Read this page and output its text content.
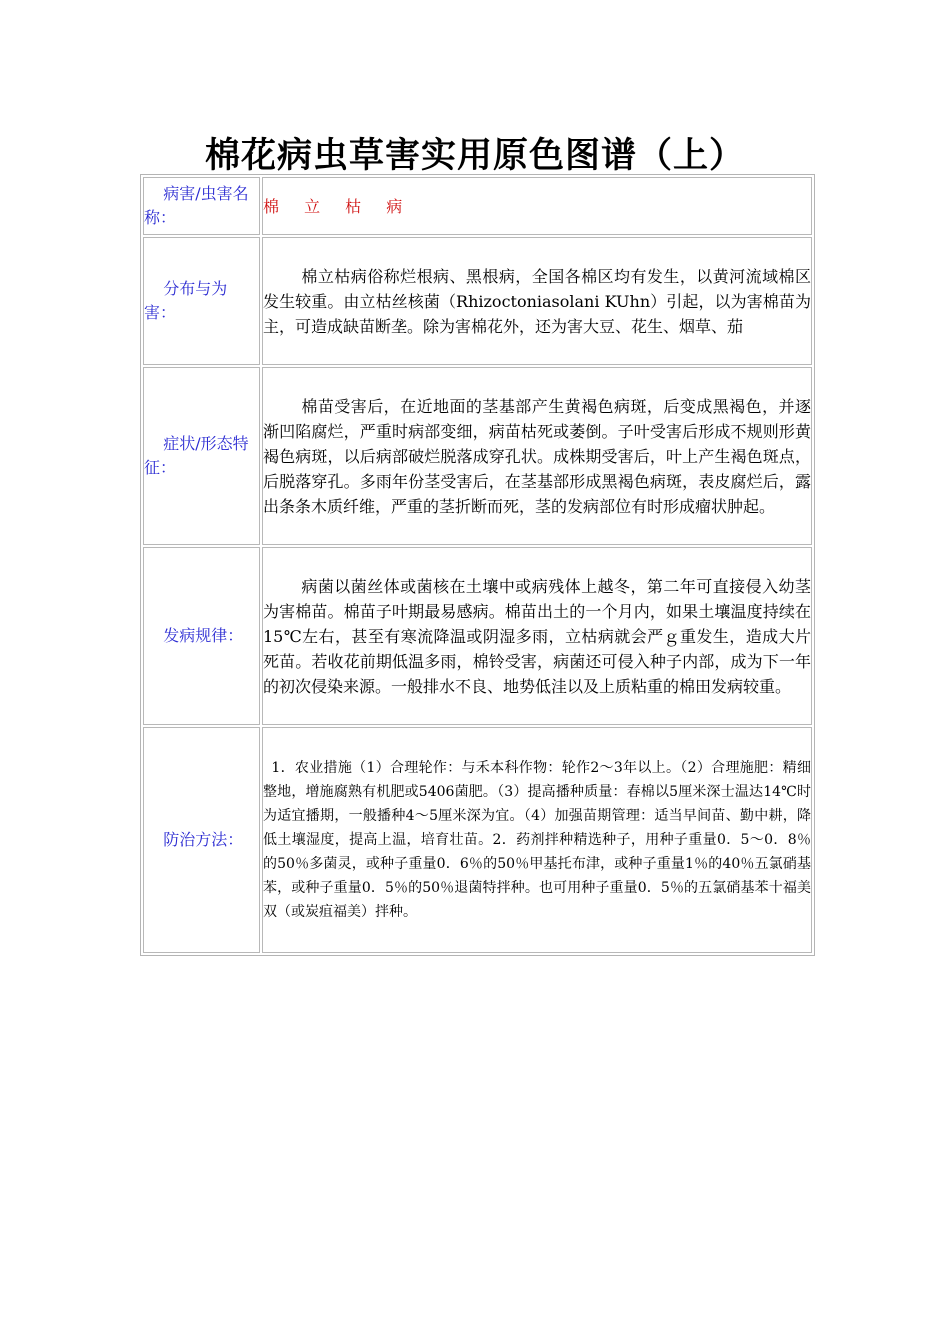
棉花病虫草害实用原色图谱（上）
病害/虫害名称：	棉 立 枯 病
分布与为害：	棉立枯病俗称烂根病、黑根病，全国各棉区均有发生，以黄河流域棉区发生较重。由立枯丝核菌（Rhizoctoniasolani KUhn）引起，以为害棉苗为主，可造成缺苗断垄。除为害棉花外，还为害大豆、花生、烟草、茄

症状/形态特征：	棉苗受害后，在近地面的茎基部产生黄褐色病斑，后变成黑褐色，并逐渐凹陷腐烂，严重时病部变细，病苗枯死或萎倒。子叶受害后形成不规则形黄褐色病斑，以后病部破烂脱落成穿孔状。成株期受害后，叶上产生褐色斑点，后脱落穿孔。多雨年份茎受害后，在茎基部形成黑褐色病斑，表皮腐烂后，露出条条木质纤维，严重的茎折断而死，茎的发病部位有时形成瘤状肿起。

发病规律：	病菌以菌丝体或菌核在土壤中或病残体上越冬，第二年可直接侵入幼茎为害棉苗。棉苗子叶期最易感病。棉苗出土的一个月内，如果土壤温度持续在15℃左右，甚至有寒流降温或阴湿多雨，立枯病就会严ｇ重发生，造成大片死苗。若收花前期低温多雨，棉铃受害，病菌还可侵入种子内部，成为下一年的初次侵染来源。一般排水不良、地势低洼以及上质粘重的棉田发病较重。

防治方法：	1．农业措施（1）合理轮作：与禾本科作物：轮作2～3年以上。（2）合理施肥：精细整地，增施腐熟有机肥或5406菌肥。（3）提高播种质量：春棉以5厘米深士温达14℃时为适宜播期，一般播种4～5厘米深为宜。（4）加强苗期管理：适当早间苗、勤中耕，降低土壤湿度，提高上温，培育壮苗。2．药剂拌种精选种子，用种子重量0．5～0．8％的50％多菌灵，或种子重量0．6％的50％甲基托布津，或种子重量1％的40％五氯硝基苯，或种子重量0．5％的50％退菌特拌种。也可用种子重量0．5％的五氯硝基苯十福美双（或炭疽福美）拌种。
